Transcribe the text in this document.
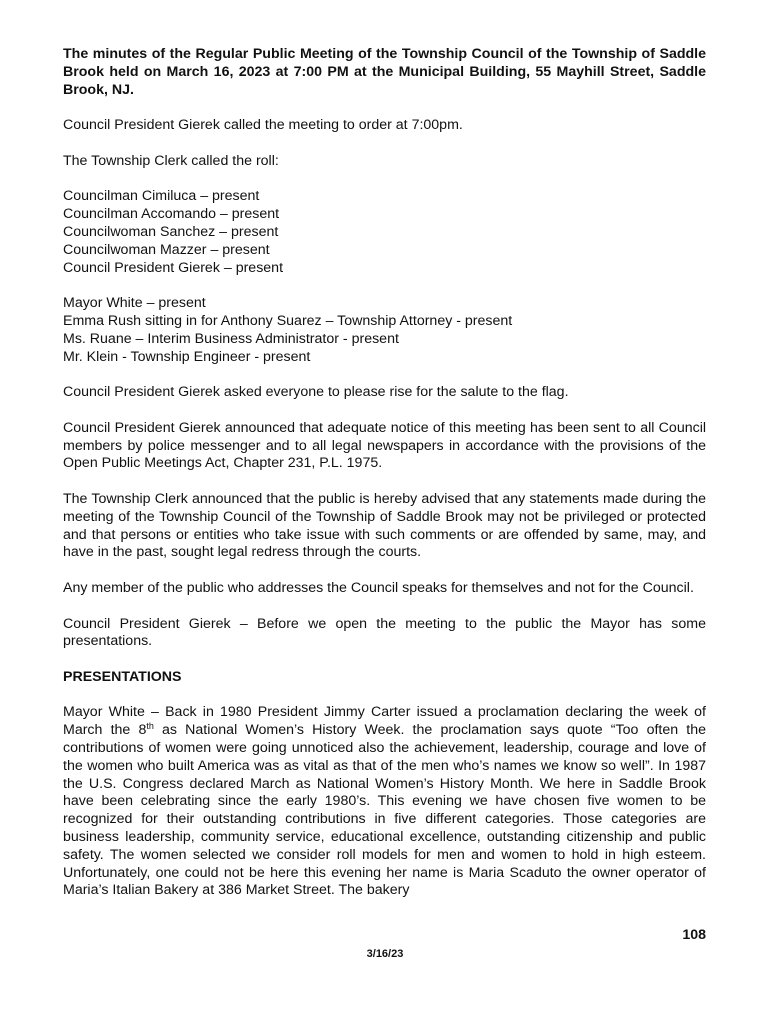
The minutes of the Regular Public Meeting of the Township Council of the Township of Saddle Brook held on March 16, 2023 at 7:00 PM at the Municipal Building, 55 Mayhill Street, Saddle Brook, NJ.

Council President Gierek called the meeting to order at 7:00pm.

The Township Clerk called the roll:

Councilman Cimiluca – present
Councilman Accomando – present
Councilwoman Sanchez – present
Councilwoman Mazzer – present
Council President Gierek – present
Mayor White – present
Emma Rush sitting in for Anthony Suarez – Township Attorney - present
Ms. Ruane – Interim Business Administrator - present
Mr. Klein - Township Engineer - present

Council President Gierek asked everyone to please rise for the salute to the flag.

Council President Gierek announced that adequate notice of this meeting has been sent to all Council members by police messenger and to all legal newspapers in accordance with the provisions of the Open Public Meetings Act, Chapter 231, P.L. 1975.

The Township Clerk announced that the public is hereby advised that any statements made during the meeting of the Township Council of the Township of Saddle Brook may not be privileged or protected and that persons or entities who take issue with such comments or are offended by same, may, and have in the past, sought legal redress through the courts.

Any member of the public who addresses the Council speaks for themselves and not for the Council.

Council President Gierek – Before we open the meeting to the public the Mayor has some presentations.

PRESENTATIONS

Mayor White – Back in 1980 President Jimmy Carter issued a proclamation declaring the week of March the 8th as National Women’s History Week. the proclamation says quote “Too often the contributions of women were going unnoticed also the achievement, leadership, courage and love of the women who built America was as vital as that of the men who’s names we know so well”. In 1987 the U.S. Congress declared March as National Women’s History Month. We here in Saddle Brook have been celebrating since the early 1980’s. This evening we have chosen five women to be recognized for their outstanding contributions in five different categories. Those categories are business leadership, community service, educational excellence, outstanding citizenship and public safety. The women selected we consider roll models for men and women to hold in high esteem. Unfortunately, one could not be here this evening her name is Maria Scaduto the owner operator of Maria’s Italian Bakery at 386 Market Street. The bakery

108
3/16/23
